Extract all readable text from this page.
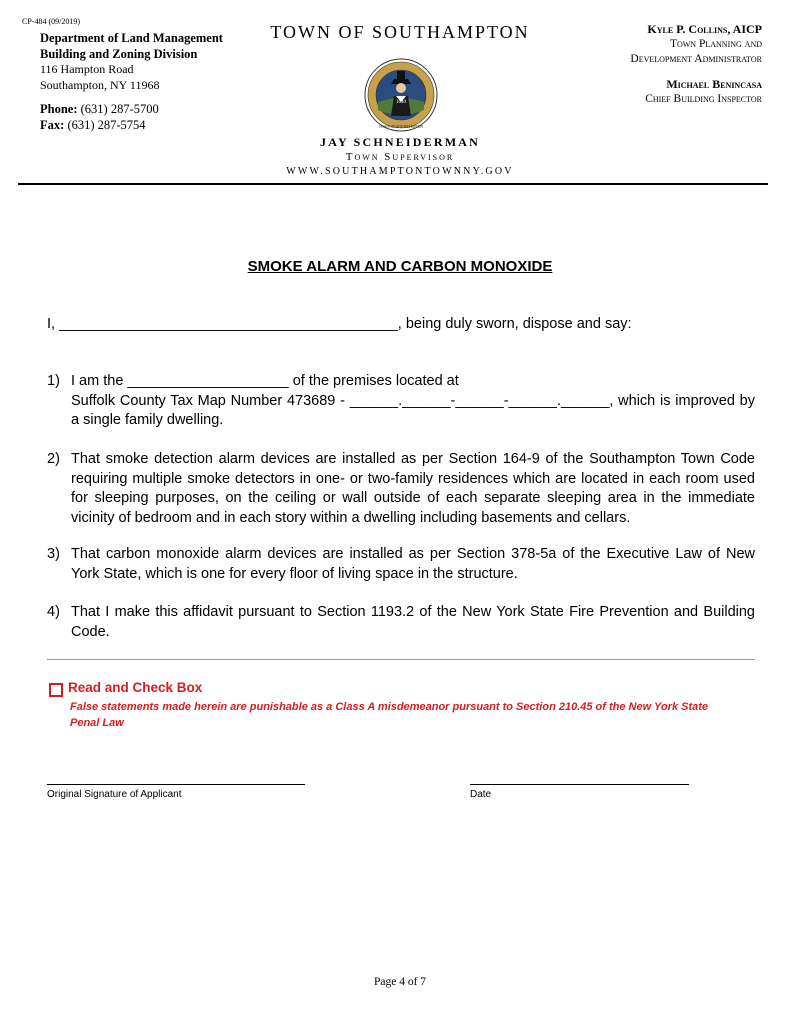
CP-484 (09/2019)
Department of Land Management
Building and Zoning Division
116 Hampton Road
Southampton, NY 11968
Phone: (631) 287-5700
Fax: (631) 287-5754
TOWN OF SOUTHAMPTON
1640
TOWN OF SOUTHAMPTON
JAY SCHNEIDERMAN
Town Supervisor
WWW.SOUTHAMPTONTOWNNY.GOV
Kyle P. Collins, AICP
Town Planning and
Development Administrator
Michael Benincasa
Chief Building Inspector
SMOKE ALARM AND CARBON MONOXIDE
I, __________________________________________, being duly sworn, dispose and say:
1) I am the ____________________ of the premises located at
Suffolk County Tax Map Number 473689 - ______.______-______-______.______, which is improved by a single family dwelling.
2) That smoke detection alarm devices are installed as per Section 164-9 of the Southampton Town Code requiring multiple smoke detectors in one- or two-family residences which are located in each room used for sleeping purposes, on the ceiling or wall outside of each separate sleeping area in the immediate vicinity of bedroom and in each story within a dwelling including basements and cellars.
3) That carbon monoxide alarm devices are installed as per Section 378-5a of the Executive Law of New York State, which is one for every floor of living space in the structure.
4) That I make this affidavit pursuant to Section 1193.2 of the New York State Fire Prevention and Building Code.
Read and Check Box
False statements made herein are punishable as a Class A misdemeanor pursuant to Section 210.45 of the New York State Penal Law
Original Signature of Applicant	Date
Page 4 of 7
